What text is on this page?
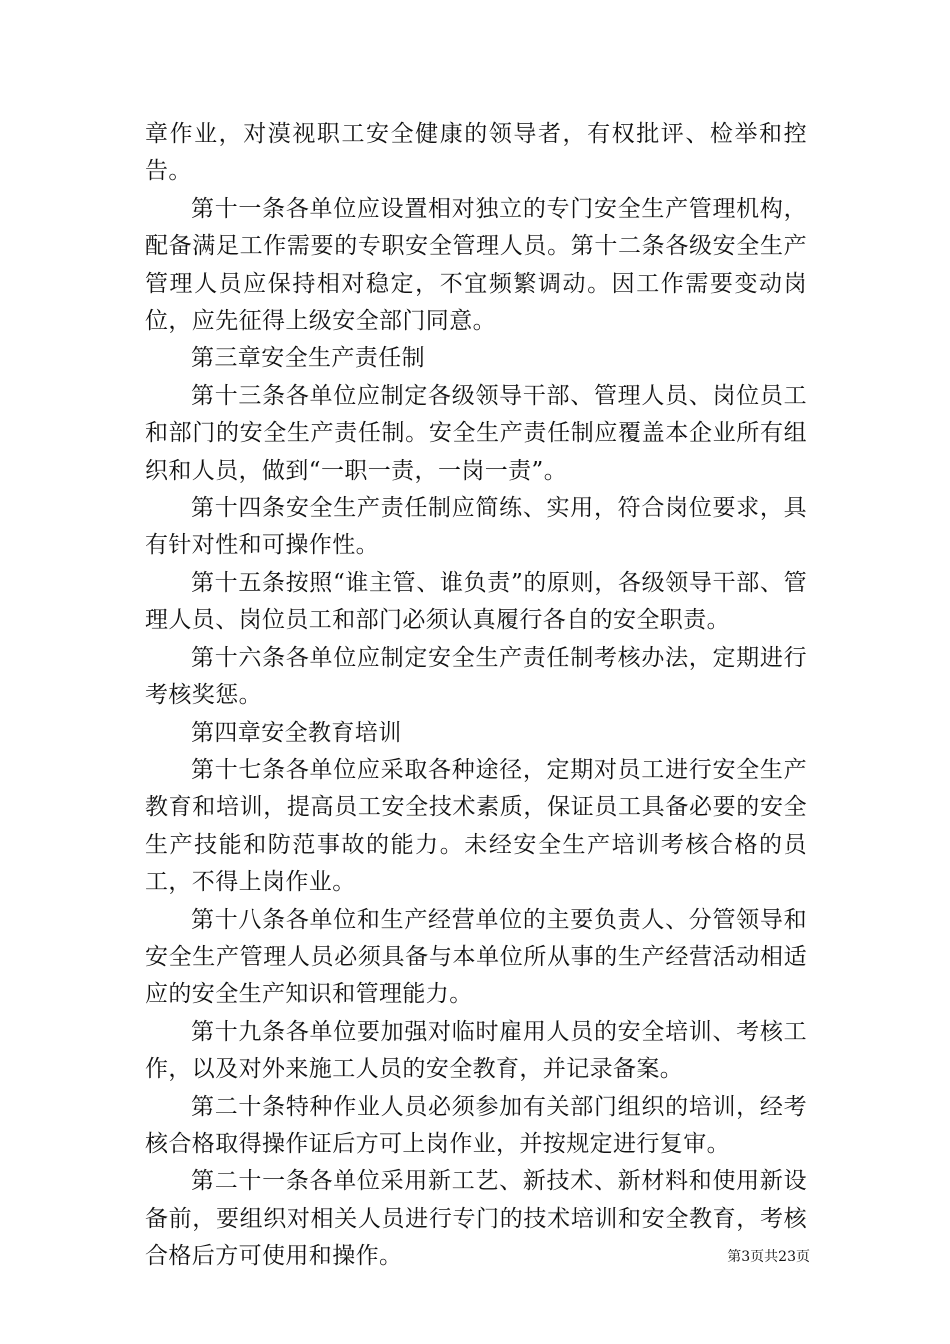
章作业，对漠视职工安全健康的领导者，有权批评、检举和控告。

第十一条各单位应设置相对独立的专门安全生产管理机构，配备满足工作需要的专职安全管理人员。第十二条各级安全生产管理人员应保持相对稳定，不宜频繁调动。因工作需要变动岗位，应先征得上级安全部门同意。

第三章安全生产责任制

第十三条各单位应制定各级领导干部、管理人员、岗位员工和部门的安全生产责任制。安全生产责任制应覆盖本企业所有组织和人员，做到“一职一责，一岗一责”。

第十四条安全生产责任制应简练、实用，符合岗位要求，具有针对性和可操作性。

第十五条按照“谁主管、谁负责”的原则，各级领导干部、管理人员、岗位员工和部门必须认真履行各自的安全职责。

第十六条各单位应制定安全生产责任制考核办法，定期进行考核奖惩。

第四章安全教育培训

第十七条各单位应采取各种途径，定期对员工进行安全生产教育和培训，提高员工安全技术素质，保证员工具备必要的安全生产技能和防范事故的能力。未经安全生产培训考核合格的员工，不得上岗作业。

第十八条各单位和生产经营单位的主要负责人、分管领导和安全生产管理人员必须具备与本单位所从事的生产经营活动相适应的安全生产知识和管理能力。

第十九条各单位要加强对临时雇用人员的安全培训、考核工作，以及对外来施工人员的安全教育，并记录备案。

第二十条特种作业人员必须参加有关部门组织的培训，经考核合格取得操作证后方可上岗作业，并按规定进行复审。

第二十一条各单位采用新工艺、新技术、新材料和使用新设备前，要组织对相关人员进行专门的技术培训和安全教育，考核合格后方可使用和操作。	第3页共23页
